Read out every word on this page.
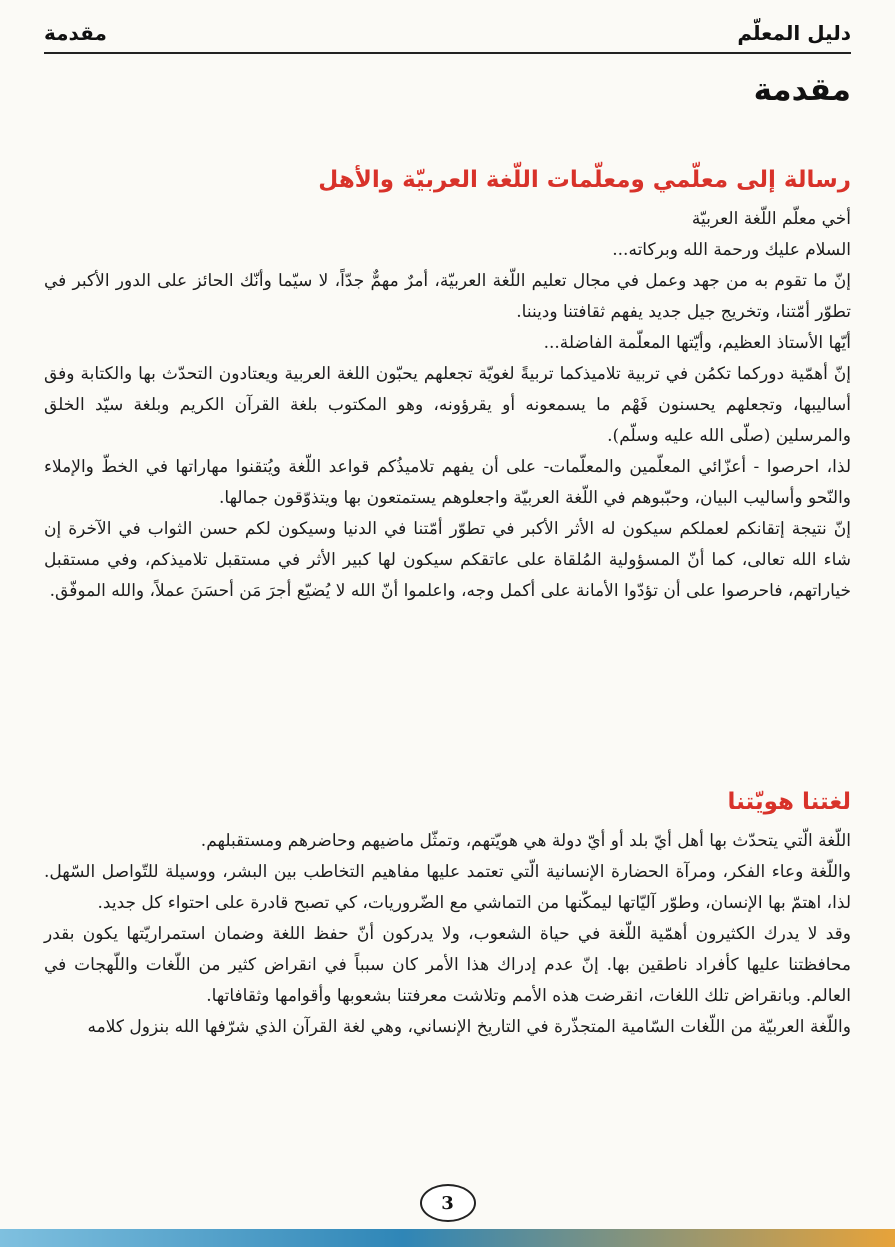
دليل المعلّم
مقدمة
مقدمة
رسالة إلى معلّمي ومعلّمات اللّغة العربيّة والأهل

أخي معلّم اللّغة العربيّة

السلام عليك ورحمة الله وبركاته...

إنّ ما تقوم به من جهد وعمل في مجال تعليم اللّغة العربيّة، أمرٌ مهمٌّ جدّاً، لا سيّما وأنّك الحائز على الدور الأكبر في تطوّر أمّتنا، وتخريج جيل جديد يفهم ثقافتنا وديننا.

أيّها الأستاذ العظيم، وأيّتها المعلّمة الفاضلة...

إنّ أهمّية دوركما تكمُن في تربية تلاميذكما تربيةً لغويّة تجعلهم يحبّون اللغة العربية ويعتادون التحدّث بها والكتابة وفق أساليبها، وتجعلهم يحسنون فَهْم ما يسمعونه أو يقرؤونه، وهو المكتوب بلغة القرآن الكريم وبلغة سيّد الخلق والمرسلين (صلّى الله عليه وسلّم).

لذا، احرصوا - أعزّائي المعلّمين والمعلّمات- على أن يفهم تلاميذُكم قواعد اللّغة ويُتقنوا مهاراتها في الخطّ والإملاء والنّحو وأساليب البيان، وحبّبوهم في اللّغة العربيّة واجعلوهم يستمتعون بها ويتذوّقون جمالها.

إنّ نتيجة إتقانكم لعملكم سيكون له الأثر الأكبر في تطوّر أمّتنا في الدنيا وسيكون لكم حسن الثواب في الآخرة إن شاء الله تعالى، كما أنّ المسؤولية المُلقاة على عاتقكم سيكون لها كبير الأثر في مستقبل تلاميذكم، وفي مستقبل خياراتهم، فاحرصوا على أن تؤدّوا الأمانة على أكمل وجه، واعلموا أنّ الله لا يُضيّع أجرَ مَن أحسَنَ عملاً، والله الموفّق.

لغتنا هويّتنا

اللّغة الّتي يتحدّث بها أهل أيّ بلد أو أيّ دولة هي هويّتهم، وتمثّل ماضيهم وحاضرهم ومستقبلهم.

واللّغة وعاء الفكر، ومرآة الحضارة الإنسانية الّتي تعتمد عليها مفاهيم التخاطب بين البشر، ووسيلة للتّواصل السّهل. لذا، اهتمّ بها الإنسان، وطوّر آليّاتها ليمكّنها من التماشي مع الضّروريات، كي تصبح قادرة على احتواء كل جديد.

وقد لا يدرك الكثيرون أهمّية اللّغة في حياة الشعوب، ولا يدركون أنّ حفظ اللغة وضمان استمراريّتها يكون بقدر محافظتنا عليها كأفراد ناطقين بها. إنّ عدم إدراك هذا الأمر كان سبباً في انقراض كثير من اللّغات واللّهجات في العالم. وبانقراض تلك اللغات، انقرضت هذه الأمم وتلاشت معرفتنا بشعوبها وأقوامها وثقافاتها.

واللّغة العربيّة من اللّغات السّامية المتجذّرة في التاريخ الإنساني، وهي لغة القرآن الذي شرّفها الله بنزول كلامه

3
